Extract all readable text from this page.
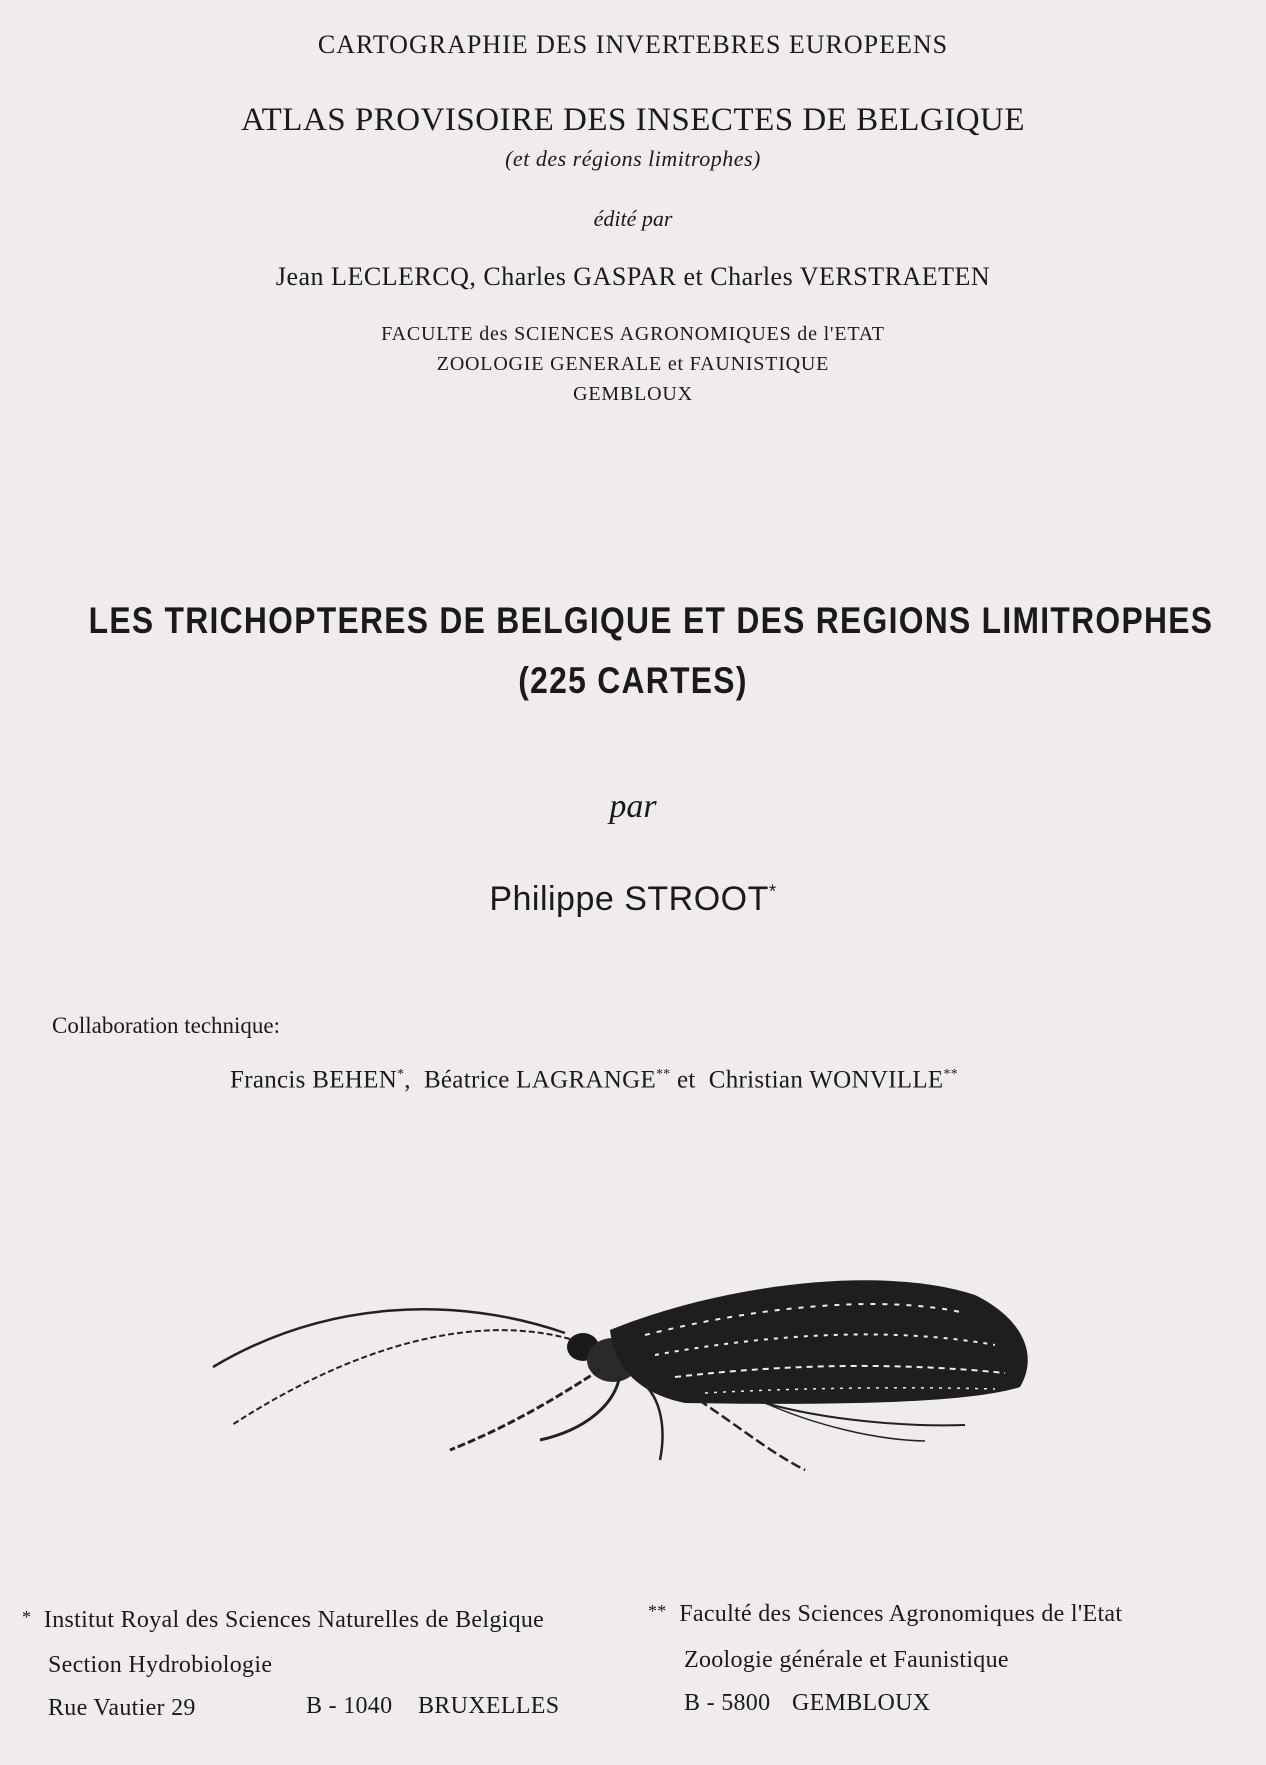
CARTOGRAPHIE DES INVERTEBRES EUROPEENS
ATLAS PROVISOIRE DES INSECTES DE BELGIQUE
(et des régions limitrophes)
édité par
Jean LECLERCQ, Charles GASPAR et Charles VERSTRAETEN
FACULTE des SCIENCES AGRONOMIQUES de l'ETAT
ZOOLOGIE GENERALE et FAUNISTIQUE
GEMBLOUX
LES TRICHOPTERES DE BELGIQUE ET DES REGIONS LIMITROPHES
(225 CARTES)
par
Philippe STROOT*
Collaboration technique:
Francis BEHEN*, Béatrice LAGRANGE** et Christian WONVILLE**
* Institut Royal des Sciences Naturelles de Belgique
Section Hydrobiologie
Rue Vautier 29	B - 1040 BRUXELLES
** Faculté des Sciences Agronomiques de l'Etat
Zoologie générale et Faunistique
B - 5800 GEMBLOUX
